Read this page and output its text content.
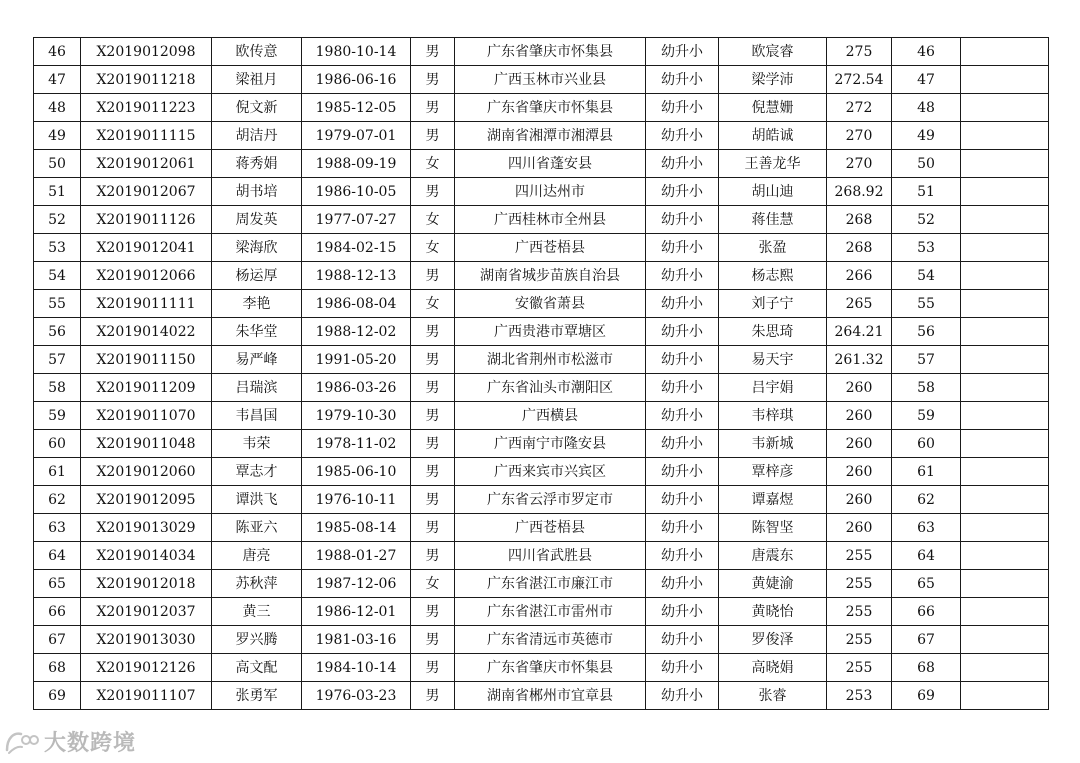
46	X2019012098	欧传意	1980-10-14	男	广东省肇庆市怀集县	幼升小	欧宸睿	275	46	
47	X2019011218	梁祖月	1986-06-16	男	广西玉林市兴业县	幼升小	梁学沛	272.54	47	
48	X2019011223	倪文新	1985-12-05	男	广东省肇庆市怀集县	幼升小	倪慧姗	272	48	
49	X2019011115	胡洁丹	1979-07-01	男	湖南省湘潭市湘潭县	幼升小	胡皓诚	270	49	
50	X2019012061	蒋秀娟	1988-09-19	女	四川省蓬安县	幼升小	王善龙华	270	50	
51	X2019012067	胡书培	1986-10-05	男	四川达州市	幼升小	胡山迪	268.92	51	
52	X2019011126	周发英	1977-07-27	女	广西桂林市全州县	幼升小	蒋佳慧	268	52	
53	X2019012041	梁海欣	1984-02-15	女	广西苍梧县	幼升小	张盈	268	53	
54	X2019012066	杨运厚	1988-12-13	男	湖南省城步苗族自治县	幼升小	杨志熙	266	54	
55	X2019011111	李艳	1986-08-04	女	安徽省萧县	幼升小	刘子宁	265	55	
56	X2019014022	朱华堂	1988-12-02	男	广西贵港市覃塘区	幼升小	朱思琦	264.21	56	
57	X2019011150	易严峰	1991-05-20	男	湖北省荆州市松滋市	幼升小	易天宇	261.32	57	
58	X2019011209	吕瑞滨	1986-03-26	男	广东省汕头市潮阳区	幼升小	吕宇娟	260	58	
59	X2019011070	韦昌国	1979-10-30	男	广西横县	幼升小	韦梓琪	260	59	
60	X2019011048	韦荣	1978-11-02	男	广西南宁市隆安县	幼升小	韦新城	260	60	
61	X2019012060	覃志才	1985-06-10	男	广西来宾市兴宾区	幼升小	覃梓彦	260	61	
62	X2019012095	谭洪飞	1976-10-11	男	广东省云浮市罗定市	幼升小	谭嘉煜	260	62	
63	X2019013029	陈亚六	1985-08-14	男	广西苍梧县	幼升小	陈智坚	260	63	
64	X2019014034	唐亮	1988-01-27	男	四川省武胜县	幼升小	唐震东	255	64	
65	X2019012018	苏秋萍	1987-12-06	女	广东省湛江市廉江市	幼升小	黄婕渝	255	65	
66	X2019012037	黄三	1986-12-01	男	广东省湛江市雷州市	幼升小	黄晓怡	255	66	
67	X2019013030	罗兴腾	1981-03-16	男	广东省清远市英德市	幼升小	罗俊泽	255	67	
68	X2019012126	高文配	1984-10-14	男	广东省肇庆市怀集县	幼升小	高晓娟	255	68	
69	X2019011107	张勇军	1976-03-23	男	湖南省郴州市宜章县	幼升小	张睿	253	69	
大数跨境
